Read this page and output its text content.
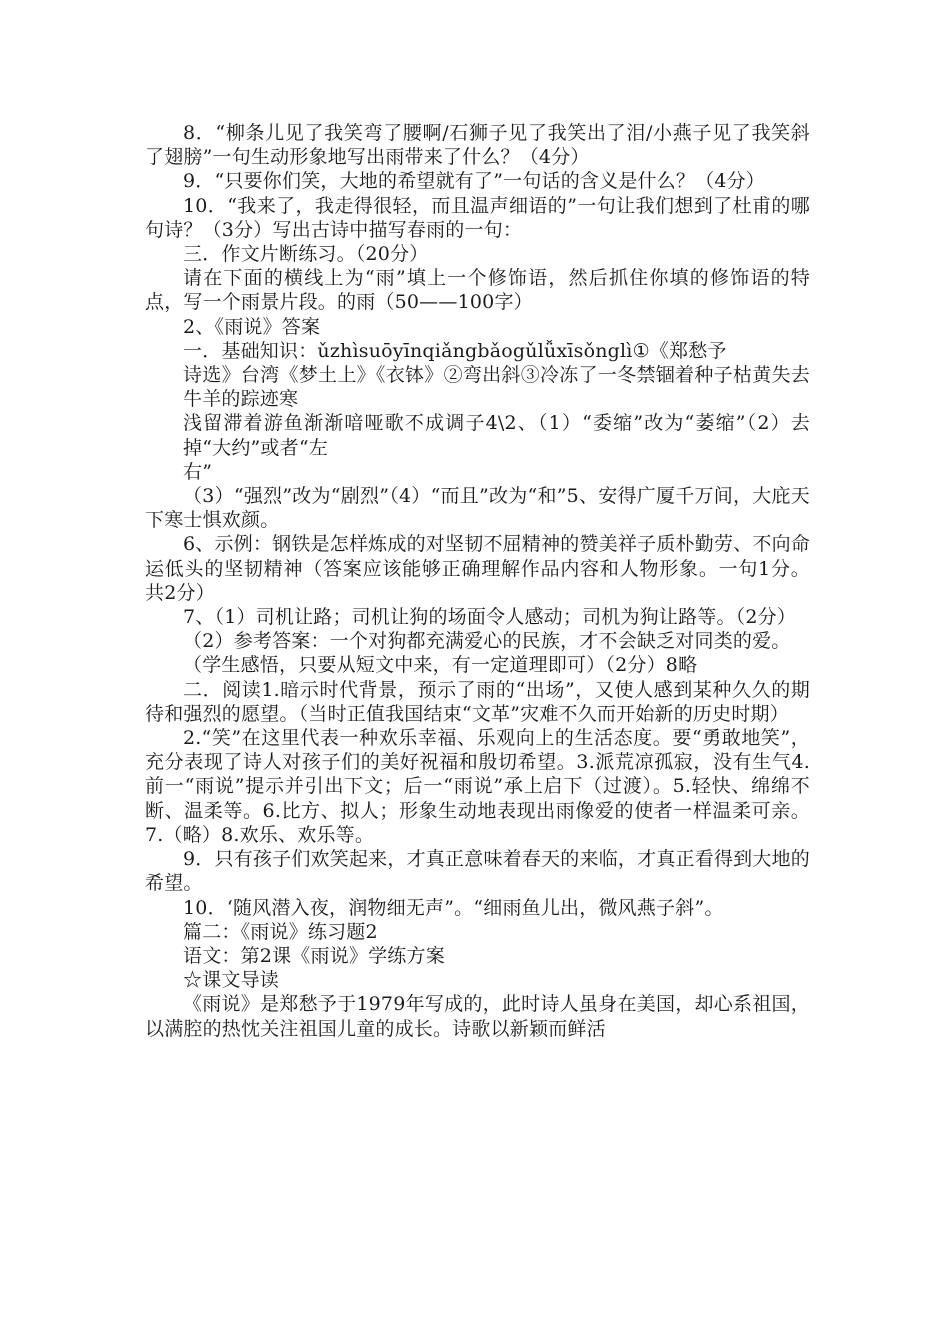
8．“柳条儿见了我笑弯了腰啊/石狮子见了我笑出了泪/小燕子见了我笑斜了翅膀”一句生动形象地写出雨带来了什么？（4分）

9．“只要你们笑，大地的希望就有了”一句话的含义是什么？（4分）

10．“我来了，我走得很轻，而且温声细语的”一句让我们想到了杜甫的哪句诗？（3分）写出古诗中描写春雨的一句：

三．作文片断练习。（20分）

请在下面的横线上为“雨”填上一个修饰语，然后抓住你填的修饰语的特点，写一个雨景片段。的雨（50——100字）

2、《雨说》答案

一．基础知识：ǔzhìsuōyīnqiǎngbǎogǔlǚxīsǒnglì①《郑愁予

诗选》台湾《梦土上》《衣钵》②弯出斜③冷冻了一冬禁锢着种子枯黄失去牛羊的踪迹寒

浅留滞着游鱼渐渐喑哑歌不成调子4\2、（1）“委缩”改为“萎缩”（2）去掉“大约”或者“左

右”

（3）“强烈”改为“剧烈”（4）“而且”改为“和”5、安得广厦千万间，大庇天下寒士惧欢颜。

6、示例：钢铁是怎样炼成的对坚韧不屈精神的赞美祥子质朴勤劳、不向命运低头的坚韧精神（答案应该能够正确理解作品内容和人物形象。一句1分。共2分）

7、（1）司机让路；司机让狗的场面令人感动；司机为狗让路等。（2分）

（2）参考答案：一个对狗都充满爱心的民族，才不会缺乏对同类的爱。

（学生感悟，只要从短文中来，有一定道理即可）（2分）8略

二．阅读1.暗示时代背景，预示了雨的“出场”，又使人感到某种久久的期待和强烈的愿望。（当时正值我国结束“文革”灾难不久而开始新的历史时期）

2.“笑”在这里代表一种欢乐幸福、乐观向上的生活态度。要“勇敢地笑”，充分表现了诗人对孩子们的美好祝福和殷切希望。3.派荒凉孤寂，没有生气4.前一“雨说”提示并引出下文；后一“雨说”承上启下（过渡）。5.轻快、绵绵不断、温柔等。6.比方、拟人；形象生动地表现出雨像爱的使者一样温柔可亲。7.（略）8.欢乐、欢乐等。

9．只有孩子们欢笑起来，才真正意味着春天的来临，才真正看得到大地的希望。

10．‘随风潜入夜，润物细无声”。“细雨鱼儿出，微风燕子斜”。

篇二：《雨说》练习题2

语文：第2课《雨说》学练方案

☆课文导读

《雨说》是郑愁予于1979年写成的，此时诗人虽身在美国，却心系祖国，以满腔的热忱关注祖国儿童的成长。诗歌以新颖而鲜活
